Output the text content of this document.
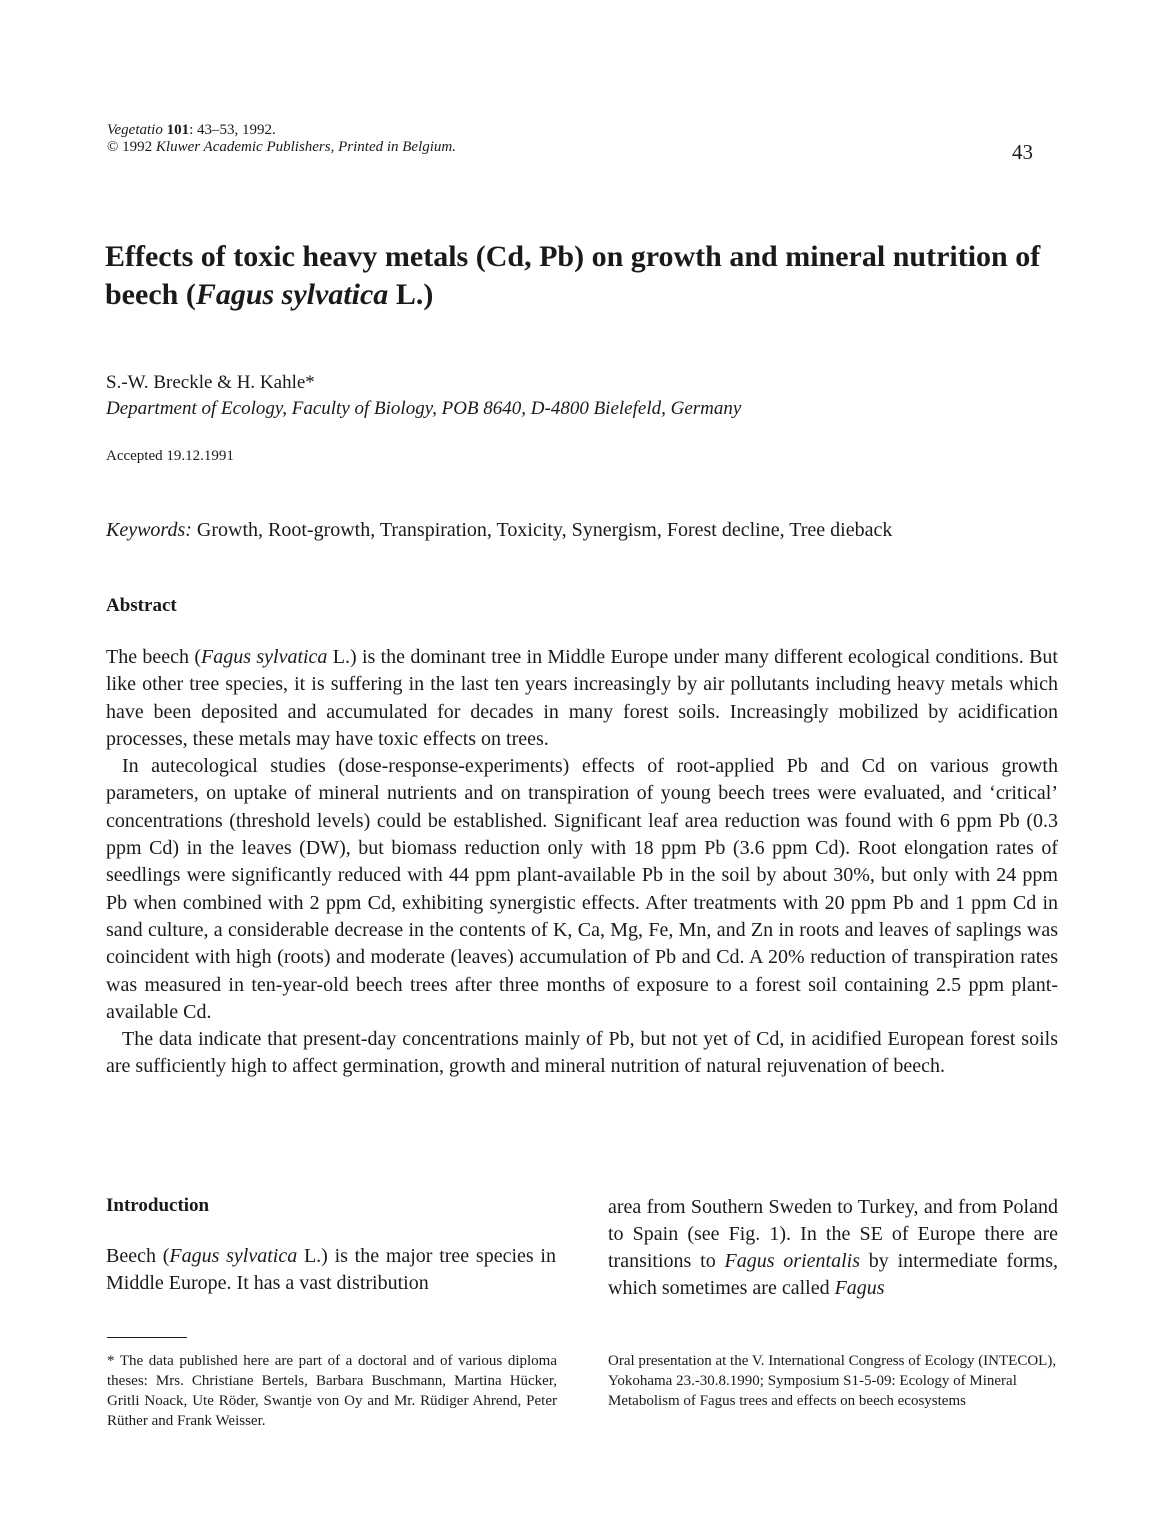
Vegetatio 101: 43–53, 1992.
© 1992 Kluwer Academic Publishers, Printed in Belgium.	43
Effects of toxic heavy metals (Cd, Pb) on growth and mineral nutrition of beech (Fagus sylvatica L.)
S.-W. Breckle & H. Kahle*
Department of Ecology, Faculty of Biology, POB 8640, D-4800 Bielefeld, Germany
Accepted 19.12.1991
Keywords: Growth, Root-growth, Transpiration, Toxicity, Synergism, Forest decline, Tree dieback
Abstract

The beech (Fagus sylvatica L.) is the dominant tree in Middle Europe under many different ecological conditions. But like other tree species, it is suffering in the last ten years increasingly by air pollutants including heavy metals which have been deposited and accumulated for decades in many forest soils. Increasingly mobilized by acidification processes, these metals may have toxic effects on trees.

In autecological studies (dose-response-experiments) effects of root-applied Pb and Cd on various growth parameters, on uptake of mineral nutrients and on transpiration of young beech trees were evaluated, and ‘critical’ concentrations (threshold levels) could be established. Significant leaf area reduction was found with 6 ppm Pb (0.3 ppm Cd) in the leaves (DW), but biomass reduction only with 18 ppm Pb (3.6 ppm Cd). Root elongation rates of seedlings were significantly reduced with 44 ppm plant-available Pb in the soil by about 30%, but only with 24 ppm Pb when combined with 2 ppm Cd, exhibiting synergistic effects. After treatments with 20 ppm Pb and 1 ppm Cd in sand culture, a considerable decrease in the contents of K, Ca, Mg, Fe, Mn, and Zn in roots and leaves of saplings was coincident with high (roots) and moderate (leaves) accumulation of Pb and Cd. A 20% reduction of transpiration rates was measured in ten-year-old beech trees after three months of exposure to a forest soil containing 2.5 ppm plant-available Cd.

The data indicate that present-day concentrations mainly of Pb, but not yet of Cd, in acidified European forest soils are sufficiently high to affect germination, growth and mineral nutrition of natural rejuvenation of beech.

Introduction
Beech (Fagus sylvatica L.) is the major tree species in Middle Europe. It has a vast distribution
area from Southern Sweden to Turkey, and from Poland to Spain (see Fig. 1). In the SE of Europe there are transitions to Fagus orientalis by intermediate forms, which sometimes are called Fagus
* The data published here are part of a doctoral and of various diploma theses: Mrs. Christiane Bertels, Barbara Buschmann, Martina Hücker, Gritli Noack, Ute Röder, Swantje von Oy and Mr. Rüdiger Ahrend, Peter Rüther and Frank Weisser.
Oral presentation at the V. International Congress of Ecology (INTECOL), Yokohama 23.-30.8.1990; Symposium S1-5-09: Ecology of Mineral Metabolism of Fagus trees and effects on beech ecosystems
